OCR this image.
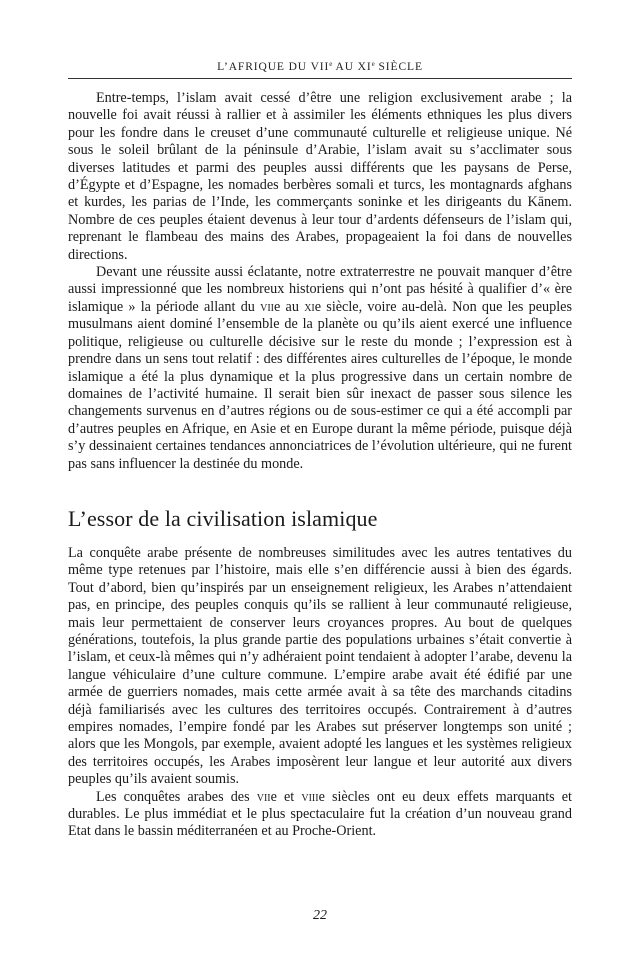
L’AFRIQUE DU VIIe AU XIe SIÈCLE

Entre-temps, l’islam avait cessé d’être une religion exclusivement arabe ; la nouvelle foi avait réussi à rallier et à assimiler les éléments ethniques les plus divers pour les fondre dans le creuset d’une communauté culturelle et religieuse unique. Né sous le soleil brûlant de la péninsule d’Arabie, l’islam avait su s’acclimater sous diverses latitudes et parmi des peuples aussi différents que les paysans de Perse, d’Égypte et d’Espagne, les nomades berbères somali et turcs, les montagnards afghans et kurdes, les parias de l’Inde, les commerçants soninke et les dirigeants du Kānem. Nombre de ces peuples étaient devenus à leur tour d’ardents défenseurs de l’islam qui, reprenant le flambeau des mains des Arabes, propageaient la foi dans de nouvelles directions.

Devant une réussite aussi éclatante, notre extraterrestre ne pouvait manquer d’être aussi impressionné que les nombreux historiens qui n’ont pas hésité à qualifier d’« ère islamique » la période allant du viie au xie siècle, voire au-delà. Non que les peuples musulmans aient dominé l’ensemble de la planète ou qu’ils aient exercé une influence politique, religieuse ou culturelle décisive sur le reste du monde ; l’expression est à prendre dans un sens tout relatif : des différentes aires culturelles de l’époque, le monde islamique a été la plus dynamique et la plus progressive dans un certain nombre de domaines de l’activité humaine. Il serait bien sûr inexact de passer sous silence les changements survenus en d’autres régions ou de sous-estimer ce qui a été accompli par d’autres peuples en Afrique, en Asie et en Europe durant la même période, puisque déjà s’y dessinaient certaines tendances annonciatrices de l’évolution ultérieure, qui ne furent pas sans influencer la destinée du monde.

L’essor de la civilisation islamique

La conquête arabe présente de nombreuses similitudes avec les autres tentatives du même type retenues par l’histoire, mais elle s’en différencie aussi à bien des égards. Tout d’abord, bien qu’inspirés par un enseignement religieux, les Arabes n’attendaient pas, en principe, des peuples conquis qu’ils se rallient à leur communauté religieuse, mais leur permettaient de conserver leurs croyances propres. Au bout de quelques générations, toutefois, la plus grande partie des populations urbaines s’était convertie à l’islam, et ceux-là mêmes qui n’y adhéraient point tendaient à adopter l’arabe, devenu la langue véhiculaire d’une culture commune. L’empire arabe avait été édifié par une armée de guerriers nomades, mais cette armée avait à sa tête des marchands citadins déjà familiarisés avec les cultures des territoires occupés. Contrairement à d’autres empires nomades, l’empire fondé par les Arabes sut préserver longtemps son unité ; alors que les Mongols, par exemple, avaient adopté les langues et les systèmes religieux des territoires occupés, les Arabes imposèrent leur langue et leur autorité aux divers peuples qu’ils avaient soumis.

Les conquêtes arabes des viie et viiie siècles ont eu deux effets marquants et durables. Le plus immédiat et le plus spectaculaire fut la création d’un nouveau grand Etat dans le bassin méditerranéen et au Proche-Orient.

22
